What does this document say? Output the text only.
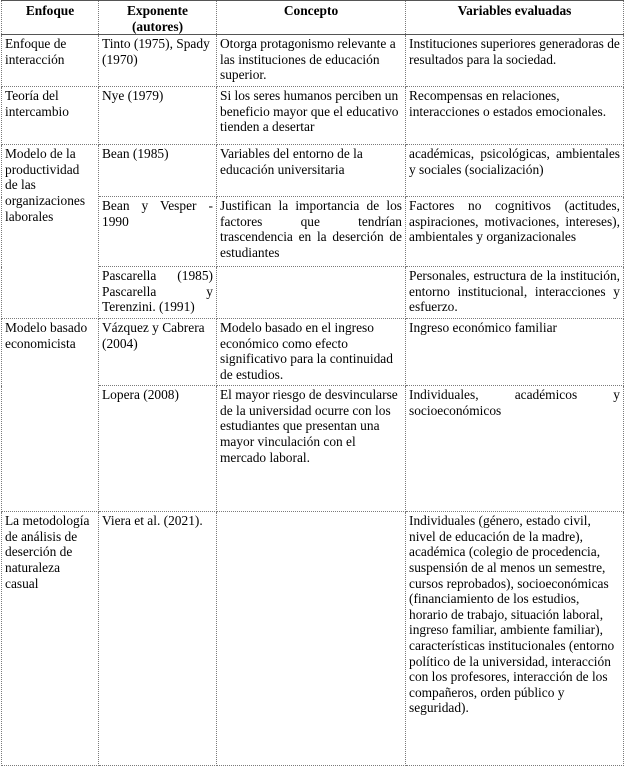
Enfoque	Exponente (autores)	Concepto	Variables evaluadas
Enfoque de interacción	Tinto (1975), Spady (1970)	Otorga protagonismo relevante a las instituciones de educación superior.	Instituciones superiores generadoras de resultados para la sociedad.
Teoría del intercambio	Nye (1979)	Si los seres humanos perciben un beneficio mayor que el educativo tienden a desertar	Recompensas en relaciones, interacciones o estados emocionales.
Modelo de la productividad de las organizaciones laborales	Bean (1985)	Variables del entorno de la educación universitaria	académicas, psicológicas, ambientales y sociales (socialización)
	Bean y Vesper - 1990	Justifican la importancia de los factores que tendrían trascendencia en la deserción de estudiantes	Factores no cognitivos (actitudes, aspiraciones, motivaciones, intereses), ambientales y organizacionales
	Pascarella (1985) Pascarella y Terenzini. (1991)		Personales, estructura de la institución, entorno institucional, interacciones y esfuerzo.
Modelo basado economicista	Vázquez y Cabrera (2004)	Modelo basado en el ingreso económico como efecto significativo para la continuidad de estudios.	Ingreso económico familiar
	Lopera (2008)	El mayor riesgo de desvincularse de la universidad ocurre con los estudiantes que presentan una mayor vinculación con el mercado laboral.	Individuales, académicos y socioeconómicos
La metodología de análisis de deserción de naturaleza casual	Viera et al. (2021).		Individuales (género, estado civil, nivel de educación de la madre), académica (colegio de procedencia, suspensión de al menos un semestre, cursos reprobados), socioeconómicas (financiamiento de los estudios, horario de trabajo, situación laboral, ingreso familiar, ambiente familiar), características institucionales (entorno político de la universidad, interacción con los profesores, interacción de los compañeros, orden público y seguridad).
